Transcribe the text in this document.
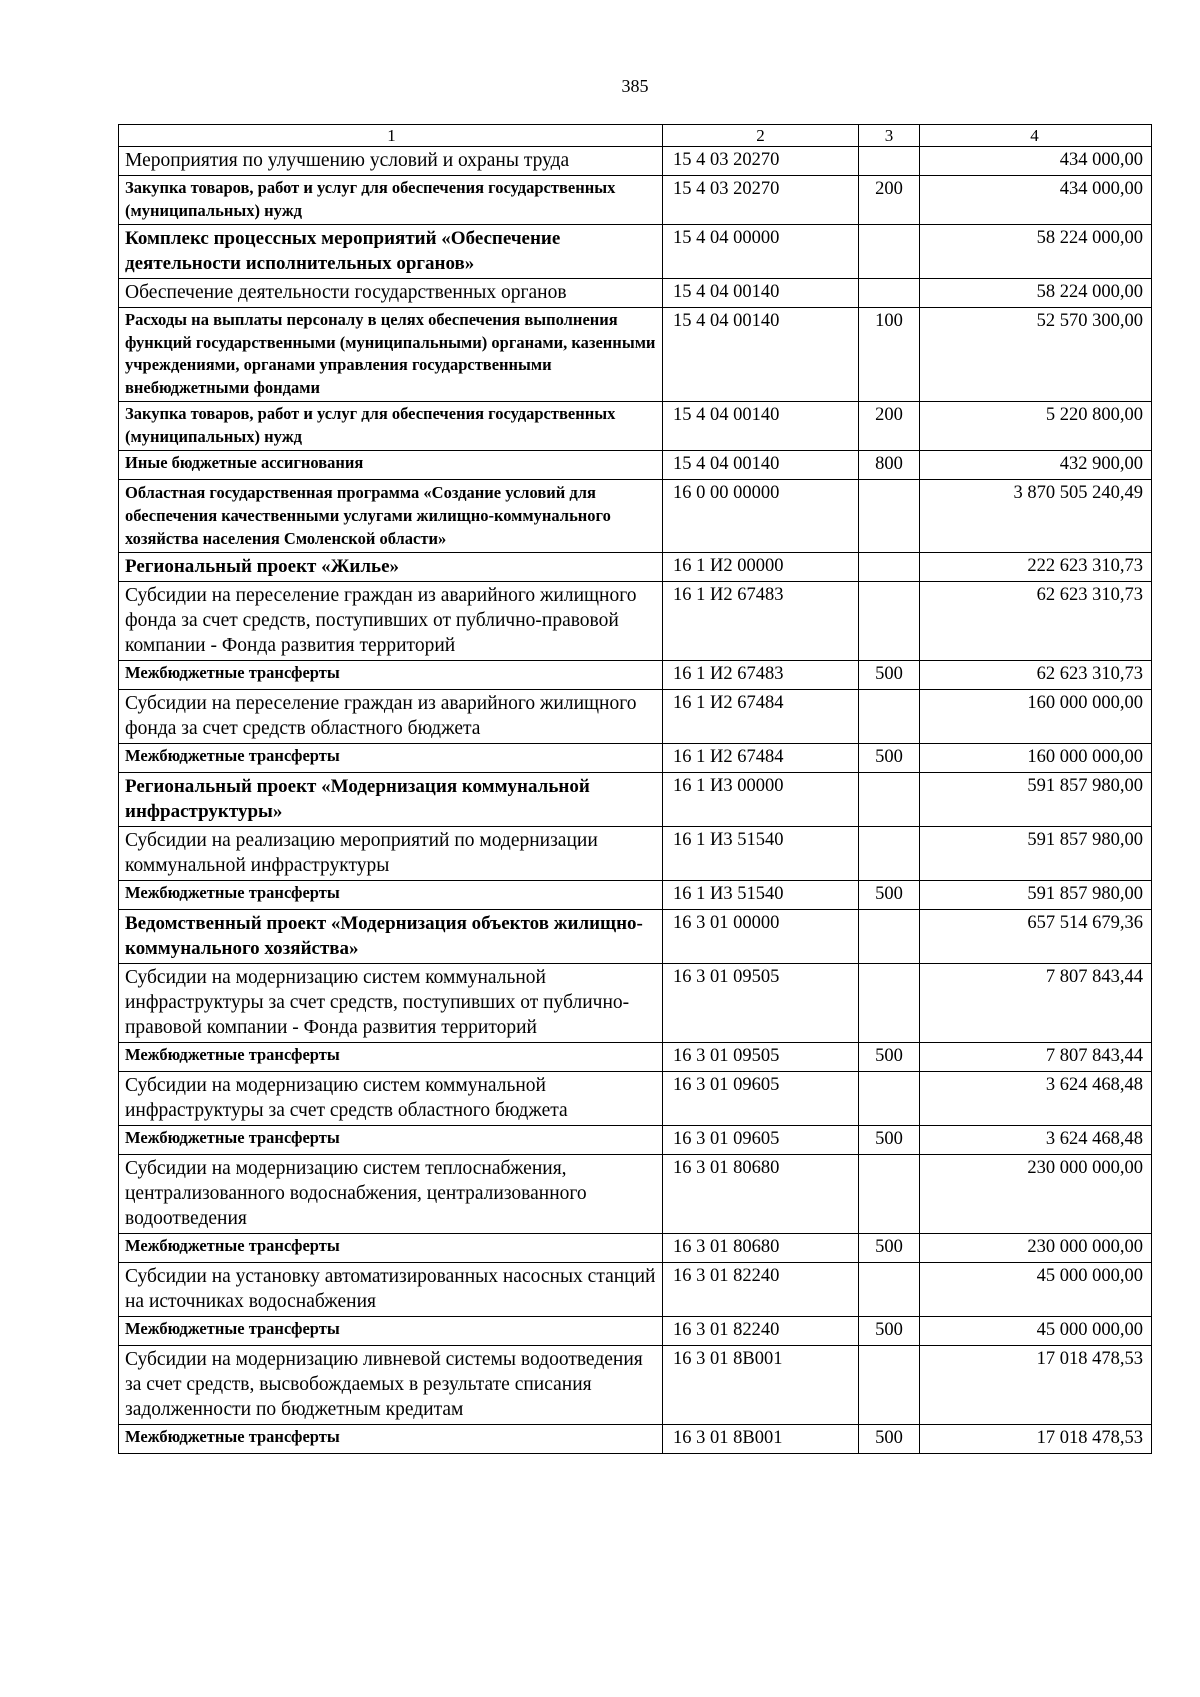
385
1	2	3	4
Мероприятия по улучшению условий и охраны труда	15 4 03 20270		434 000,00
Закупка товаров, работ и услуг для обеспечения государственных (муниципальных) нужд	15 4 03 20270	200	434 000,00
Комплекс процессных мероприятий «Обеспечение деятельности исполнительных органов»	15 4 04 00000		58 224 000,00
Обеспечение деятельности государственных органов	15 4 04 00140		58 224 000,00
Расходы на выплаты персоналу в целях обеспечения выполнения функций государственными (муниципальными) органами, казенными учреждениями, органами управления государственными внебюджетными фондами	15 4 04 00140	100	52 570 300,00
Закупка товаров, работ и услуг для обеспечения государственных (муниципальных) нужд	15 4 04 00140	200	5 220 800,00
Иные бюджетные ассигнования	15 4 04 00140	800	432 900,00
Областная государственная программа «Создание условий для обеспечения качественными услугами жилищно-коммунального хозяйства населения Смоленской области»	16 0 00 00000		3 870 505 240,49
Региональный проект «Жилье»	16 1 И2 00000		222 623 310,73
Субсидии на переселение граждан из аварийного жилищного фонда за счет средств, поступивших от публично-правовой компании - Фонда развития территорий	16 1 И2 67483		62 623 310,73
Межбюджетные трансферты	16 1 И2 67483	500	62 623 310,73
Субсидии на переселение граждан из аварийного жилищного фонда за счет средств областного бюджета	16 1 И2 67484		160 000 000,00
Межбюджетные трансферты	16 1 И2 67484	500	160 000 000,00
Региональный проект «Модернизация коммунальной инфраструктуры»	16 1 И3 00000		591 857 980,00
Субсидии на реализацию мероприятий по модернизации коммунальной инфраструктуры	16 1 И3 51540		591 857 980,00
Межбюджетные трансферты	16 1 И3 51540	500	591 857 980,00
Ведомственный проект «Модернизация объектов жилищно-коммунального хозяйства»	16 3 01 00000		657 514 679,36
Субсидии на модернизацию систем коммунальной инфраструктуры за счет средств, поступивших от публично-правовой компании - Фонда развития территорий	16 3 01 09505		7 807 843,44
Межбюджетные трансферты	16 3 01 09505	500	7 807 843,44
Субсидии на модернизацию систем коммунальной инфраструктуры за счет средств областного бюджета	16 3 01 09605		3 624 468,48
Межбюджетные трансферты	16 3 01 09605	500	3 624 468,48
Субсидии на модернизацию систем теплоснабжения, централизованного водоснабжения, централизованного водоотведения	16 3 01 80680		230 000 000,00
Межбюджетные трансферты	16 3 01 80680	500	230 000 000,00
Субсидии на установку автоматизированных насосных станций на источниках водоснабжения	16 3 01 82240		45 000 000,00
Межбюджетные трансферты	16 3 01 82240	500	45 000 000,00
Субсидии на модернизацию ливневой системы водоотведения за счет средств, высвобождаемых в результате списания задолженности по бюджетным кредитам	16 3 01 8В001		17 018 478,53
Межбюджетные трансферты	16 3 01 8В001	500	17 018 478,53
